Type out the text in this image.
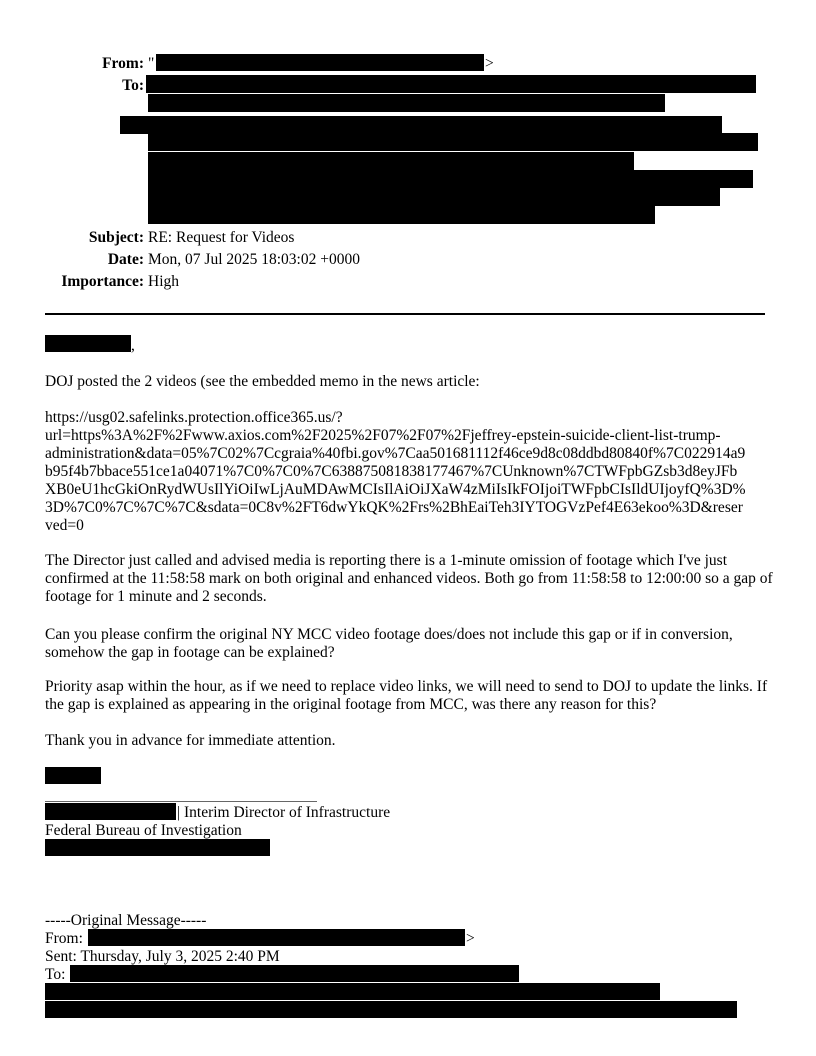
From: "	>
To:
Subject: RE: Request for Videos
Date: Mon, 07 Jul 2025 18:03:02 +0000
Importance: High
,
DOJ posted the 2 videos (see the embedded memo in the news article:
https://usg02.safelinks.protection.office365.us/?
url=https%3A%2F%2Fwww.axios.com%2F2025%2F07%2F07%2Fjeffrey-epstein-suicide-client-list-trump-
administration&data=05%7C02%7Ccgraia%40fbi.gov%7Caa501681112f46ce9d8c08ddbd80840f%7C022914a9
b95f4b7bbace551ce1a04071%7C0%7C0%7C638875081838177467%7CUnknown%7CTWFpbGZsb3d8eyJFb
XB0eU1hcGkiOnRydWUsIlYiOiIwLjAuMDAwMCIsIlAiOiJXaW4zMiIsIkFOIjoiTWFpbCIsIldUIjoyfQ%3D%
3D%7C0%7C%7C%7C&sdata=0C8v%2FT6dwYkQK%2Frs%2BhEaiTeh3IYTOGVzPef4E63ekoo%3D&reser
ved=0
The Director just called and advised media is reporting there is a 1-minute omission of footage which I've just confirmed at the 11:58:58 mark on both original and enhanced videos. Both go from 11:58:58 to 12:00:00 so a gap of footage for 1 minute and 2 seconds.
Can you please confirm the original NY MCC video footage does/does not include this gap or if in conversion, somehow the gap in footage can be explained?
Priority asap within the hour, as if we need to replace video links, we will need to send to DOJ to update the links. If the gap is explained as appearing in the original footage from MCC, was there any reason for this?
Thank you in advance for immediate attention.
| Interim Director of Infrastructure
Federal Bureau of Investigation
-----Original Message-----
From:	>
Sent: Thursday, July 3, 2025 2:40 PM
To:
